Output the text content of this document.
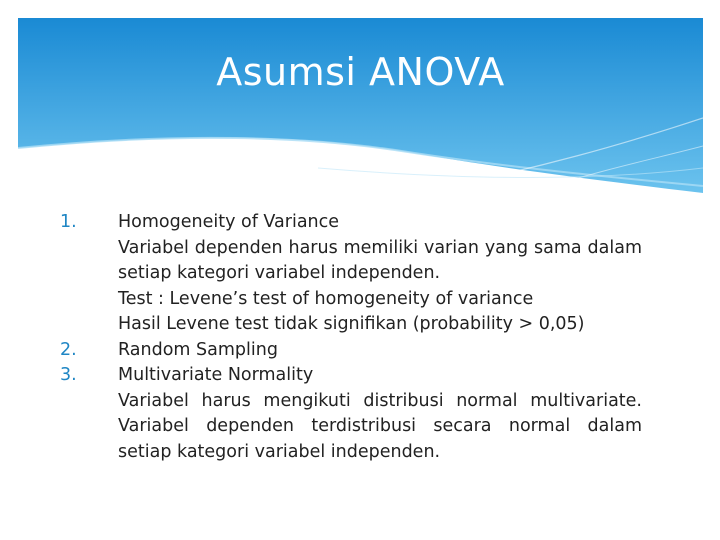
Asumsi ANOVA
1.	Homogeneity of Variance
Variabel dependen harus memiliki varian yang sama dalam setiap kategori variabel independen.
Test : Levene’s test of homogeneity of variance
Hasil Levene test tidak signifikan (probability > 0,05)
2.	Random Sampling
3.	Multivariate Normality
Variabel harus mengikuti distribusi normal multivariate. Variabel dependen terdistribusi secara normal dalam setiap kategori variabel independen.
